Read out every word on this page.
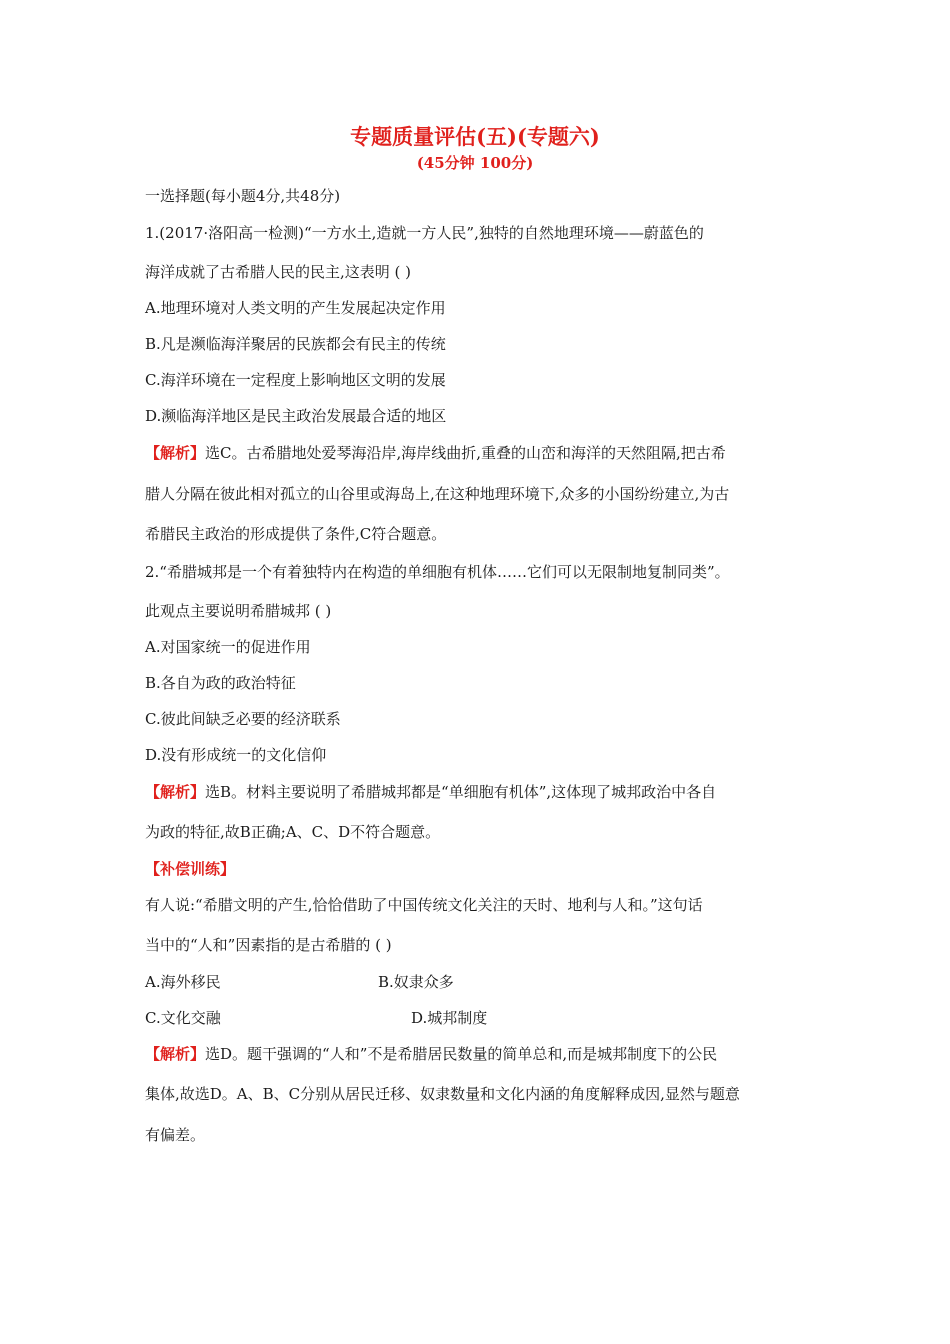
专题质量评估(五)(专题六)
(45分钟 100分)
一选择题(每小题4分,共48分)
1.(2017·洛阳高一检测)“一方水土,造就一方人民”,独特的自然地理环境——蔚蓝色的
海洋成就了古希腊人民的民主,这表明 ( )
A.地理环境对人类文明的产生发展起决定作用
B.凡是濒临海洋聚居的民族都会有民主的传统
C.海洋环境在一定程度上影响地区文明的发展
D.濒临海洋地区是民主政治发展最合适的地区
【解析】选C。古希腊地处爱琴海沿岸,海岸线曲折,重叠的山峦和海洋的天然阻隔,把古希
腊人分隔在彼此相对孤立的山谷里或海岛上,在这种地理环境下,众多的小国纷纷建立,为古
希腊民主政治的形成提供了条件,C符合题意。
2.“希腊城邦是一个有着独特内在构造的单细胞有机体……它们可以无限制地复制同类”。
此观点主要说明希腊城邦 ( )
A.对国家统一的促进作用
B.各自为政的政治特征
C.彼此间缺乏必要的经济联系
D.没有形成统一的文化信仰
【解析】选B。材料主要说明了希腊城邦都是“单细胞有机体”,这体现了城邦政治中各自
为政的特征,故B正确;A、C、D不符合题意。
【补偿训练】
有人说:“希腊文明的产生,恰恰借助了中国传统文化关注的天时、地利与人和。”这句话
当中的“人和”因素指的是古希腊的 ( )
A.海外移民	B.奴隶众多
C.文化交融	D.城邦制度
【解析】选D。题干强调的“人和”不是希腊居民数量的简单总和,而是城邦制度下的公民
集体,故选D。A、B、C分别从居民迁移、奴隶数量和文化内涵的角度解释成因,显然与题意
有偏差。
